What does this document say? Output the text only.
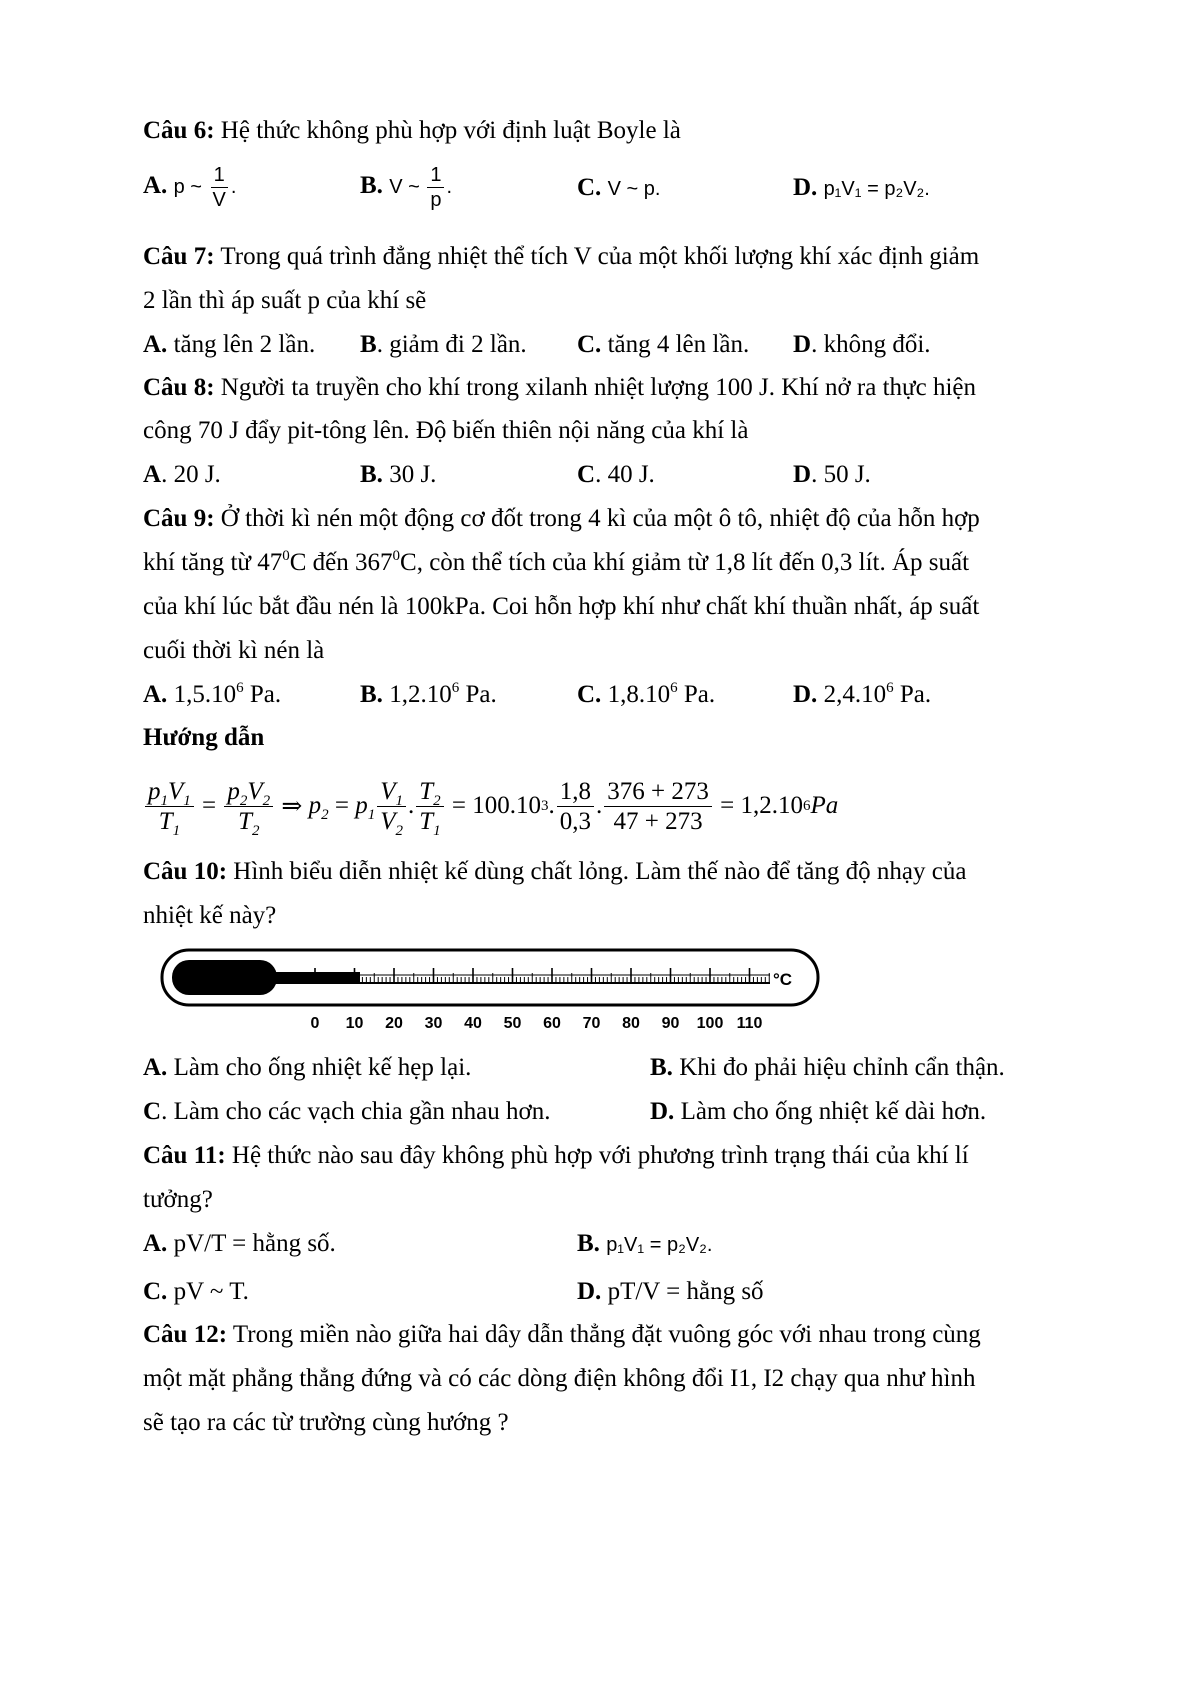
Câu 6: Hệ thức không phù hợp với định luật Boyle là
A. p ~ $\frac{1}{V}$ .	B. V ~ $\frac{1}{p}$ .	C. V ~ p.	D. p₁V₁ = p₂V₂.
Câu 7: Trong quá trình đẳng nhiệt thể tích V của một khối lượng khí xác định giảm
2 lần thì áp suất p của khí sẽ
A. tăng lên 2 lần. B. giảm đi 2 lần. C. tăng 4 lên lần. D. không đổi.
Câu 8: Người ta truyền cho khí trong xilanh nhiệt lượng 100 J. Khí nở ra thực hiện
công 70 J đẩy pit-tông lên. Độ biến thiên nội năng của khí là
A. 20 J.	B. 30 J.	C. 40 J.	D. 50 J.
Câu 9: Ở thời kì nén một động cơ đốt trong 4 kì của một ô tô, nhiệt độ của hỗn hợp
khí tăng từ $47^0C$ đến $367^0C$, còn thể tích của khí giảm từ 1,8 lít đến 0,3 lít. Áp suất
của khí lúc bắt đầu nén là 100kPa. Coi hỗn hợp khí như chất khí thuần nhất, áp suất
cuối thời kì nén là
A. 1,5.10$^6$ Pa.	B. 1,2.10$^6$ Pa.	C. 1,8.10$^6$ Pa.	D. 2,4.10$^6$ Pa.
Hướng dẫn
$\frac{p_1V_1}{T_1} = \frac{p_2V_2}{T_2}$ ⇒ $p_2 = p_1 \frac{V_1}{V_2}$ . $\frac{T_2}{T_1} = 100.10$ 3 . $\frac{1,8}{0,3}$ . $\frac{376 + 273}{47 + 273} = 1,2.10$ 6 Pa
Câu 10: Hình biểu diễn nhiệt kế dùng chất lỏng. Làm thế nào để tăng độ nhạy của
nhiệt kế này?
°C
0 10 20 30 40 50 60 70 80 90 100 110
A. Làm cho ống nhiệt kế hẹp lại.	B. Khi đo phải hiệu chỉnh cẩn thận.
C. Làm cho các vạch chia gần nhau hơn.	D. Làm cho ống nhiệt kế dài hơn.
Câu 11: Hệ thức nào sau đây không phù hợp với phương trình trạng thái của khí lí
tưởng?
A. pV/T = hằng số.	B. p₁V₁ = p₂V₂.
C. pV ~ T.	D. pT/V = hằng số
Câu 12: Trong miền nào giữa hai dây dẫn thẳng đặt vuông góc với nhau trong cùng
một mặt phẳng thẳng đứng và có các dòng điện không đổi I1, I2 chạy qua như hình
sẽ tạo ra các từ trường cùng hướng ?
